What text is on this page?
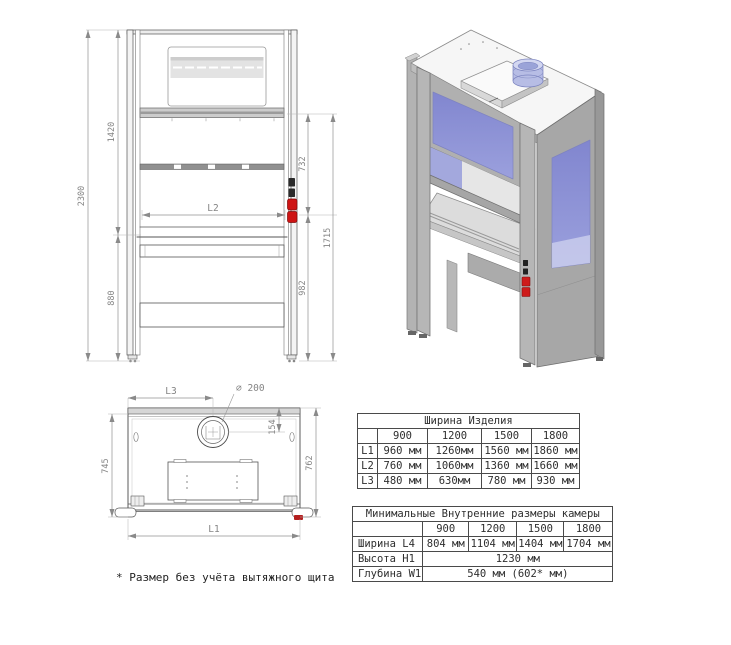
2300
1420
880
732
982
1715
L2
L3	⌀ 200
745	762
154
L1
Ширина Изделия				
	900	1200	1500	1800
L1	960 мм	1260мм	1560 мм	1860 мм
L2	760 мм	1060мм	1360 мм	1660 мм
L3	480 мм	630мм	780 мм	930 мм
Минимальные Внутренние размеры камеры				
	900	1200	1500	1800
Ширина L4	804 мм	1104 мм	1404 мм	1704 мм
Высота H1	1230 мм			
Глубина W1	540 мм (602* мм)			
* Размер без учёта вытяжного щита
